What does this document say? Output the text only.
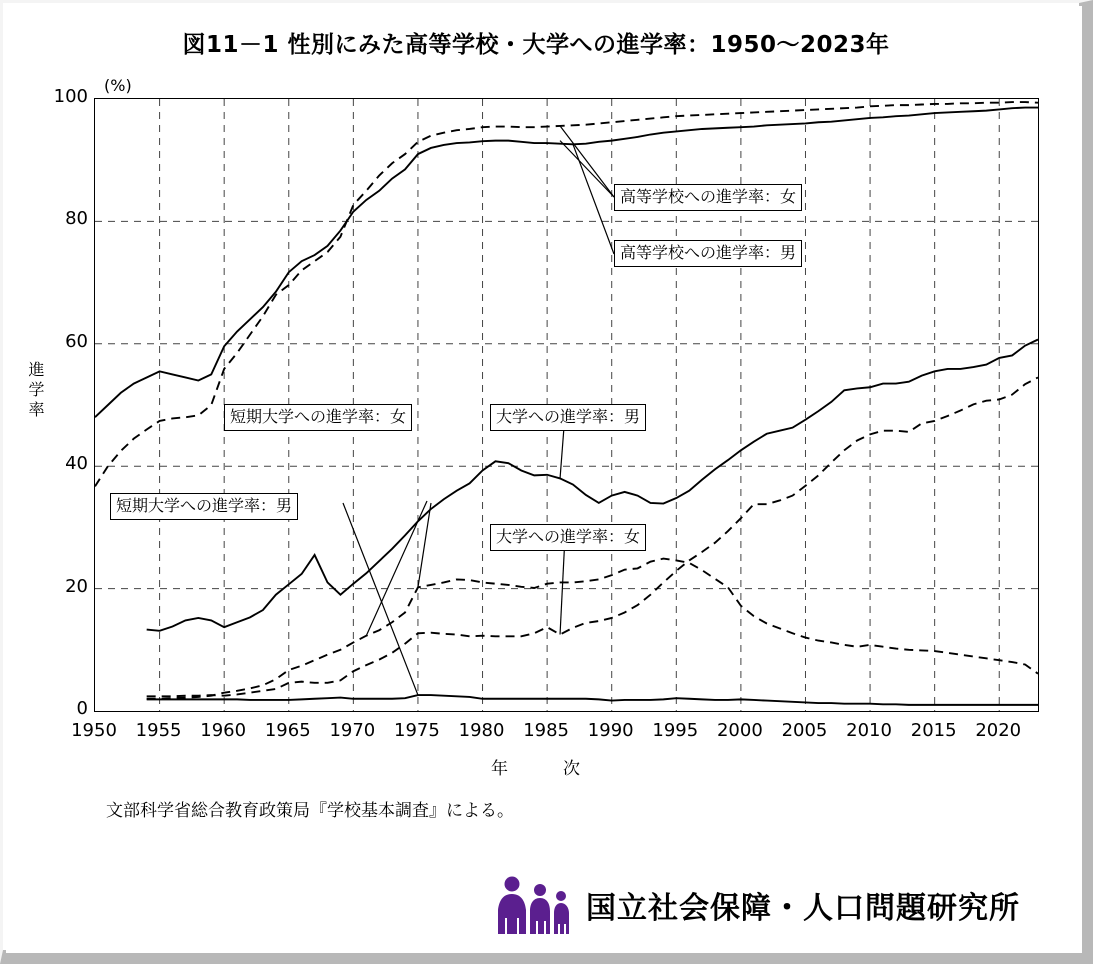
図11－1 性別にみた高等学校・大学への進学率：1950～2023年
(%)
進学率
0
20
40
60
80
100
1950	1955	1960	1965	1970	1975	1980	1985	1990	1995	2000	2005	2010	2015	2020
年　　　次
文部科学省総合教育政策局『学校基本調査』による。
高等学校への進学率：女
高等学校への進学率：男
短期大学への進学率：女
短期大学への進学率：男
大学への進学率：男
大学への進学率：女
国立社会保障・人口問題研究所
